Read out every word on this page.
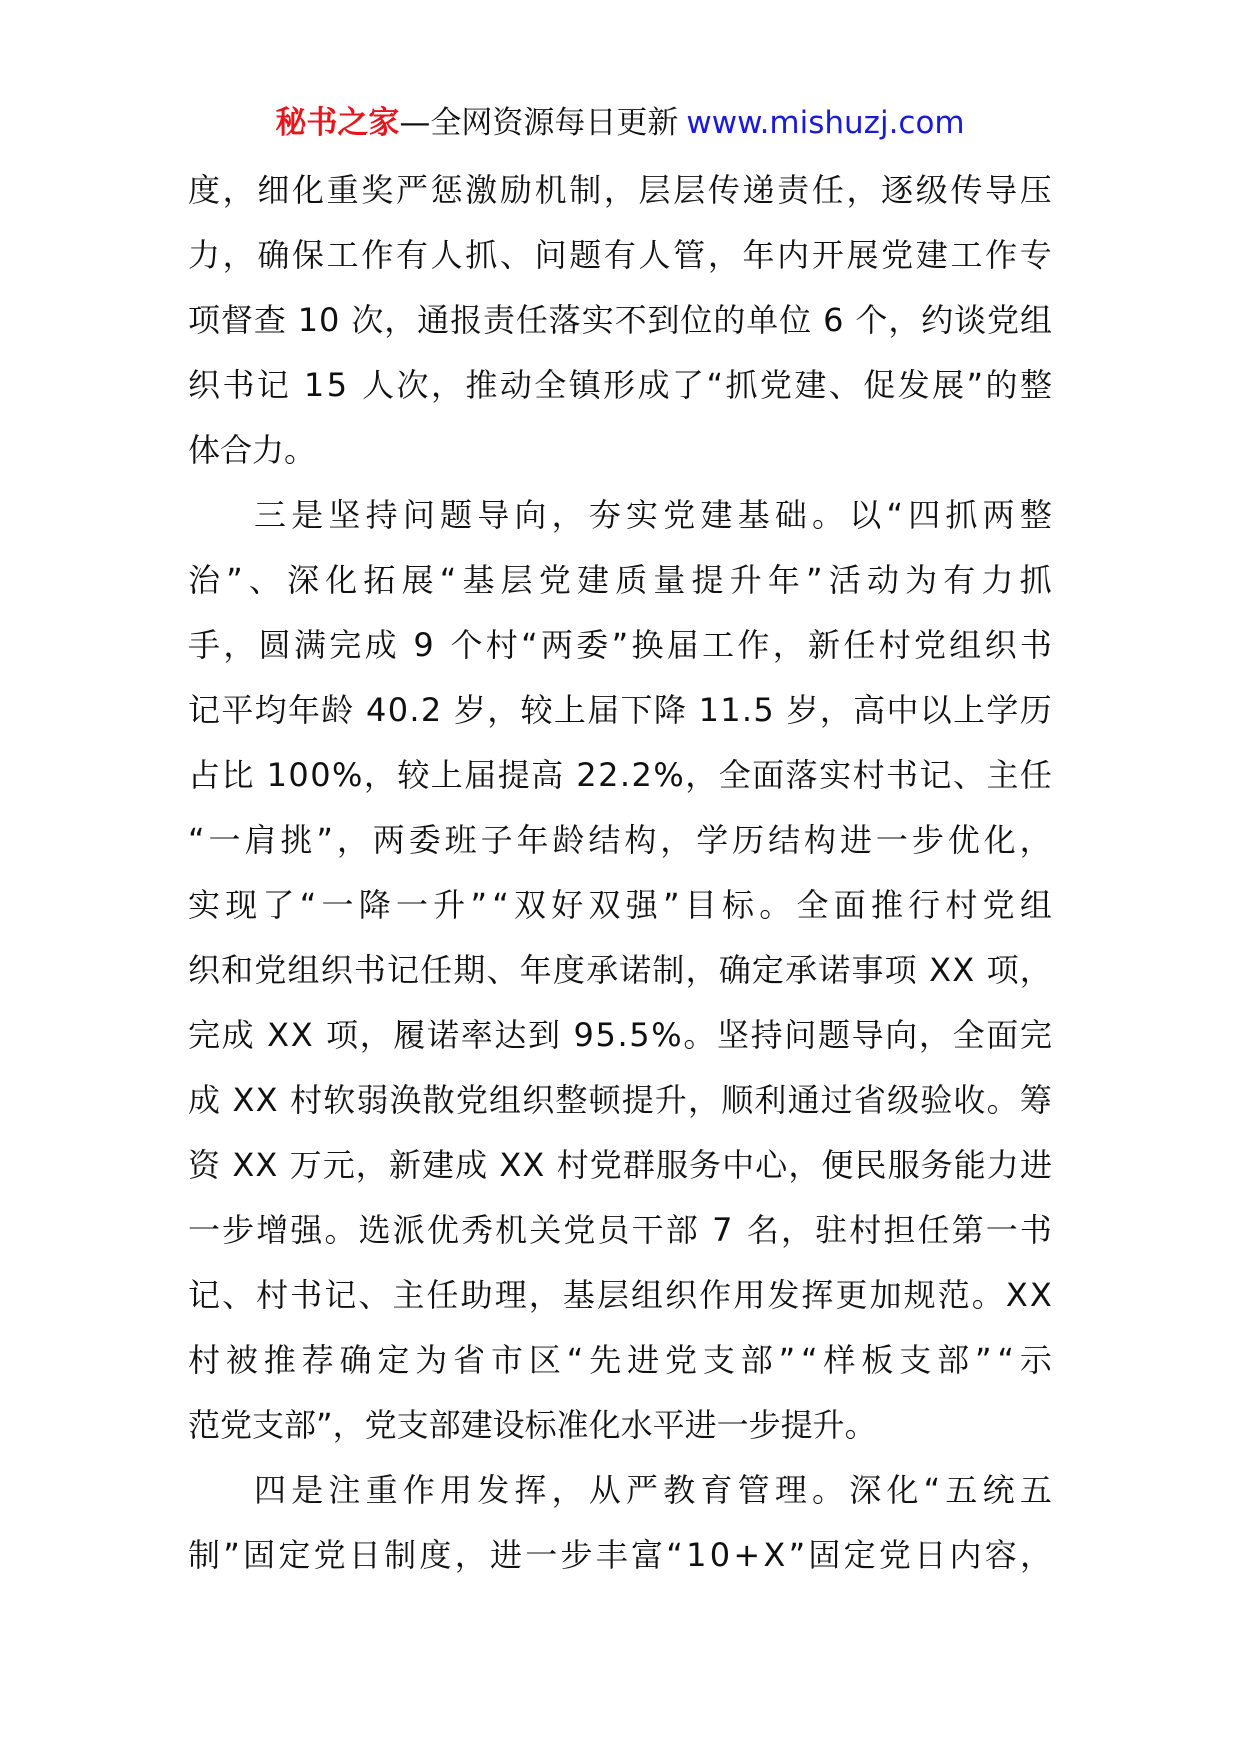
秘书之家—全网资源每日更新 www.mishuzj.com
度 ， 细 化 重 奖 严 惩 激 励 机 制 ， 层 层 传 递 责 任 ， 逐 级 传 导 压
力 ， 确 保 工 作 有 人 抓 、 问 题 有 人 管 ， 年 内 开 展 党 建 工 作 专
项 督 查
1 0
次 ， 通 报 责 任 落 实 不 到 位 的 单 位
6
个 ， 约 谈 党 组
织 书 记
1 5
人 次 ， 推 动 全 镇 形 成 了 “ 抓 党 建 、 促 发 展 ” 的 整
体合力。
三 是 坚 持 问 题 导 向 ， 夯 实 党 建 基 础 。 以 “ 四 抓 两 整
治 ” 、 深 化 拓 展 “ 基 层 党 建 质 量 提 升 年 ” 活 动 为 有 力 抓
手 ， 圆 满 完 成
9
个 村 “ 两 委 ” 换 届 工 作 ， 新 任 村 党 组 织 书
记 平 均 年 龄
4 0 . 2
岁 ， 较 上 届 下 降
1 1 . 5
岁 ， 高 中 以 上 学 历
占 比
1 0 0 % ， 较 上 届 提 高
2 2 . 2 % ， 全 面 落 实 村 书 记 、 主 任
“ 一 肩 挑 ” ， 两 委 班 子 年 龄 结 构 ， 学 历 结 构 进 一 步 优 化 ，
实 现 了 “ 一 降 一 升 ” “ 双 好 双 强 ” 目 标 。 全 面 推 行 村 党 组
织 和 党 组 织 书 记 任 期 、 年 度 承 诺 制 ， 确 定 承 诺 事 项
X X
项 ，
完 成
X X
项 ， 履 诺 率 达 到
9 5 . 5 % 。 坚 持 问 题 导 向 ， 全 面 完
成
X X
村 软 弱 涣 散 党 组 织 整 顿 提 升 ， 顺 利 通 过 省 级 验 收 。 筹
资
X X
万 元 ， 新 建 成
X X
村 党 群 服 务 中 心 ， 便 民 服 务 能 力 进
一 步 增 强 。 选 派 优 秀 机 关 党 员 干 部
7
名 ， 驻 村 担 任 第 一 书
记 、 村 书 记 、 主 任 助 理 ， 基 层 组 织 作 用 发 挥 更 加 规 范 。 X X
村 被 推 荐 确 定 为 省 市 区 “ 先 进 党 支 部 ” “ 样 板 支 部 ” “ 示
范党支部”，党支部建设标准化水平进一步提升。
四 是 注 重 作 用 发 挥 ， 从 严 教 育 管 理 。 深 化 “ 五 统 五
制 ” 固 定 党 日 制 度 ， 进 一 步 丰 富 “ 1 0 + X ” 固 定 党 日 内 容 ，
